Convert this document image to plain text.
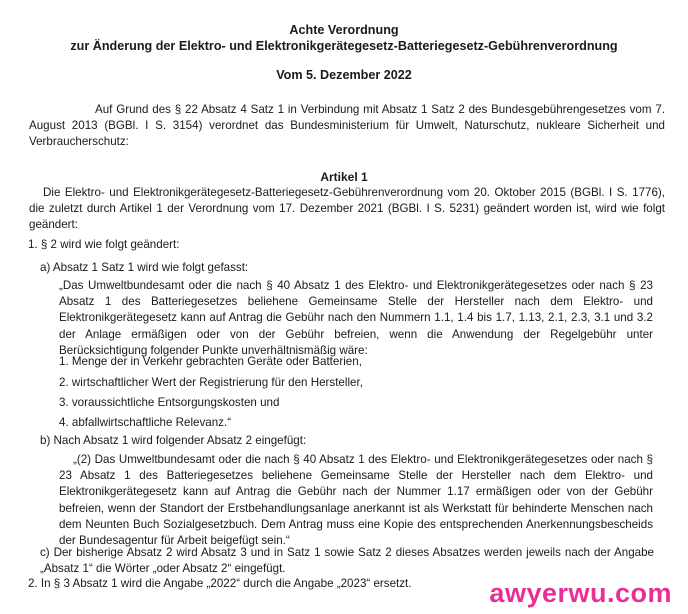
Achte Verordnung
zur Änderung der Elektro- und Elektronikgerätegesetz-Batteriegesetz-Gebührenverordnung
Vom 5. Dezember 2022
Auf Grund des § 22 Absatz 4 Satz 1 in Verbindung mit Absatz 1 Satz 2 des Bundesgebührengesetzes vom 7. August 2013 (BGBl. I S. 3154) verordnet das Bundesministerium für Umwelt, Naturschutz, nukleare Sicherheit und Verbraucherschutz:
Artikel 1
Die Elektro- und Elektronikgerätegesetz-Batteriegesetz-Gebührenverordnung vom 20. Oktober 2015 (BGBl. I S. 1776), die zuletzt durch Artikel 1 der Verordnung vom 17. Dezember 2021 (BGBl. I S. 5231) geändert worden ist, wird wie folgt geändert:
1. § 2 wird wie folgt geändert:
a) Absatz 1 Satz 1 wird wie folgt gefasst:
„Das Umweltbundesamt oder die nach § 40 Absatz 1 des Elektro- und Elektronikgerätegesetzes oder nach § 23 Absatz 1 des Batteriegesetzes beliehene Gemeinsame Stelle der Hersteller nach dem Elektro- und Elektronikgerätegesetz kann auf Antrag die Gebühr nach den Nummern 1.1, 1.4 bis 1.7, 1.13, 2.1, 2.3, 3.1 und 3.2 der Anlage ermäßigen oder von der Gebühr befreien, wenn die Anwendung der Regelgebühr unter Berücksichtigung folgender Punkte unverhältnismäßig wäre:
1. Menge der in Verkehr gebrachten Geräte oder Batterien,
2. wirtschaftlicher Wert der Registrierung für den Hersteller,
3. voraussichtliche Entsorgungskosten und
4. abfallwirtschaftliche Relevanz.“
b) Nach Absatz 1 wird folgender Absatz 2 eingefügt:
„(2) Das Umweltbundesamt oder die nach § 40 Absatz 1 des Elektro- und Elektronikgerätegesetzes oder nach § 23 Absatz 1 des Batteriegesetzes beliehene Gemeinsame Stelle der Hersteller nach dem Elektro- und Elektronikgerätegesetz kann auf Antrag die Gebühr nach der Nummer 1.17 ermäßigen oder von der Gebühr befreien, wenn der Standort der Erstbehandlungsanlage anerkannt ist als Werkstatt für behinderte Menschen nach dem Neunten Buch Sozialgesetzbuch. Dem Antrag muss eine Kopie des entsprechenden Anerkennungsbescheids der Bundesagentur für Arbeit beigefügt sein.“
c) Der bisherige Absatz 2 wird Absatz 3 und in Satz 1 sowie Satz 2 dieses Absatzes werden jeweils nach der Angabe „Absatz 1“ die Wörter „oder Absatz 2“ eingefügt.
2. In § 3 Absatz 1 wird die Angabe „2022“ durch die Angabe „2023“ ersetzt.	awyerwu.com
